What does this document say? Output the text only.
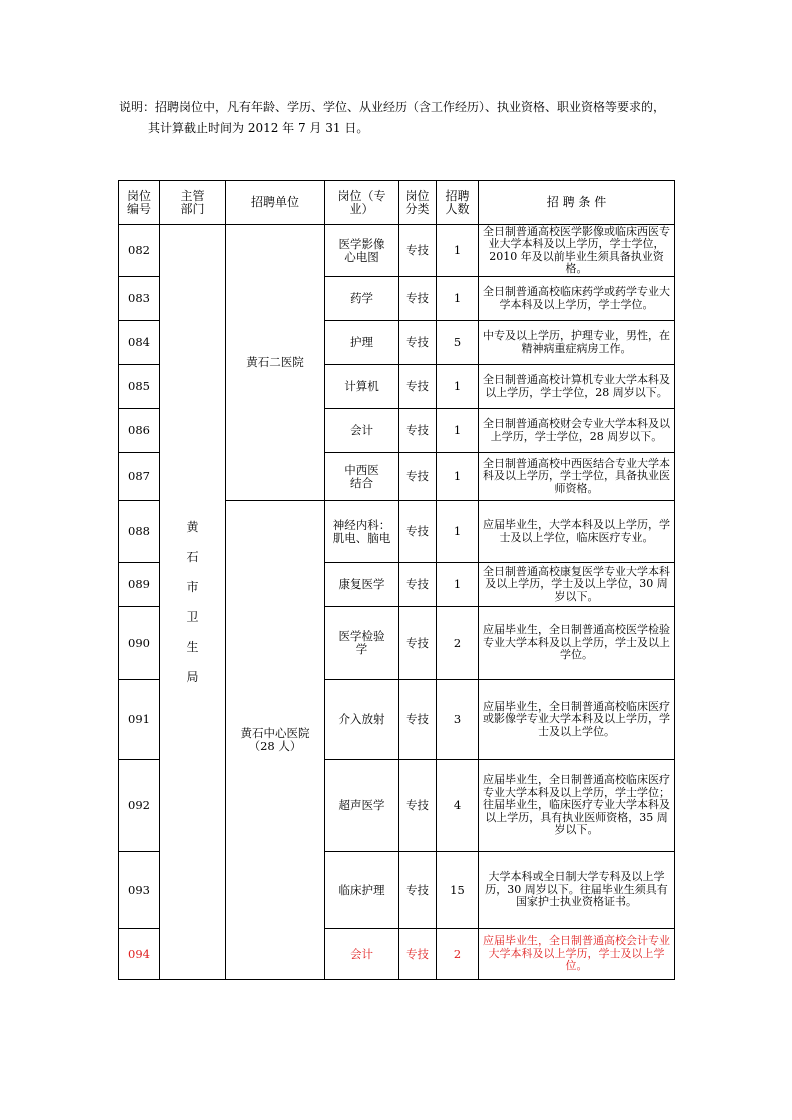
说明：招聘岗位中，凡有年龄、学历、学位、从业经历（含工作经历）、执业资格、职业资格等要求的，
其计算截止时间为 2012 年 7 月 31 日。
岗位编号	主管部门	招聘单位	岗位（专业）	岗位分类	招聘人数	招 聘 条 件
082	黄石市卫生局	黄石二医院	医学影像心电图	专技	1	全日制普通高校医学影像或临床西医专业大学本科及以上学历，学士学位，2010 年及以前毕业生须具备执业资格。
083			药学	专技	1	全日制普通高校临床药学或药学专业大学本科及以上学历，学士学位。
084			护理	专技	5	中专及以上学历，护理专业，男性，在精神病重症病房工作。
085			计算机	专技	1	全日制普通高校计算机专业大学本科及以上学历，学士学位，28 周岁以下。
086			会计	专技	1	全日制普通高校财会专业大学本科及以上学历，学士学位，28 周岁以下。
087			中西医结合	专技	1	全日制普通高校中西医结合专业大学本科及以上学历，学士学位，具备执业医师资格。
088		黄石中心医院（28 人）	神经内科：肌电、脑电	专技	1	应届毕业生，大学本科及以上学历，学士及以上学位，临床医疗专业。
089			康复医学	专技	1	全日制普通高校康复医学专业大学本科及以上学历，学士及以上学位，30 周岁以下。
090			医学检验学	专技	2	应届毕业生，全日制普通高校医学检验专业大学本科及以上学历，学士及以上学位。
091			介入放射	专技	3	应届毕业生，全日制普通高校临床医疗或影像学专业大学本科及以上学历，学士及以上学位。
092			超声医学	专技	4	应届毕业生，全日制普通高校临床医疗专业大学本科及以上学历，学士学位；往届毕业生，临床医疗专业大学本科及以上学历，具有执业医师资格，35 周岁以下。
093			临床护理	专技	15	大学本科或全日制大学专科及以上学历，30 周岁以下。往届毕业生须具有国家护士执业资格证书。
094			会计	专技	2	应届毕业生，全日制普通高校会计专业大学本科及以上学历，学士及以上学位。
